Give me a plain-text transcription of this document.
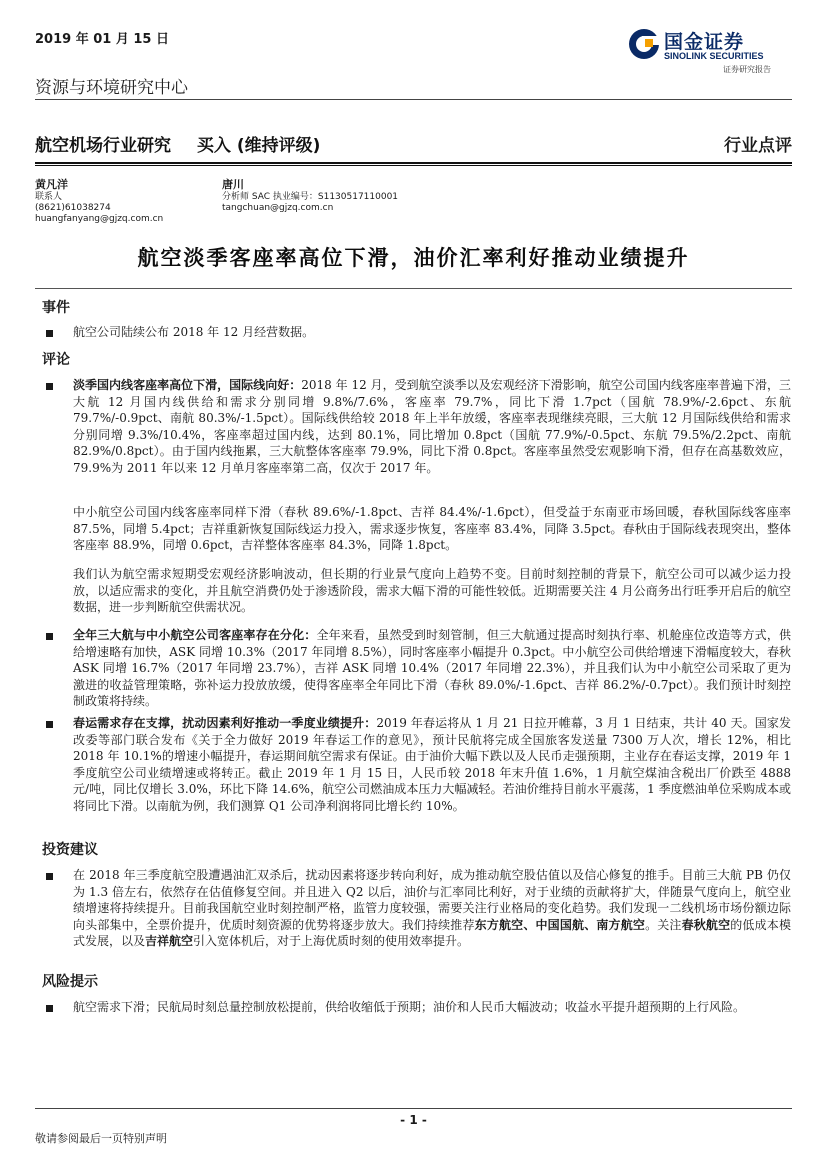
2019 年 01 月 15 日	国金证券
SINOLINK SECURITIES
证券研究报告
资源与环境研究中心
航空机场行业研究 买入 (维持评级)	行业点评
黄凡洋
联系人
(8621)61038274
huangfanyang@gjzq.com.cn
唐川
分析师 SAC 执业编号：S1130517110001
tangchuan@gjzq.com.cn
航空淡季客座率高位下滑，油价汇率利好推动业绩提升
事件
航空公司陆续公布 2018 年 12 月经营数据。
评论
淡季国内线客座率高位下滑，国际线向好：2018 年 12 月，受到航空淡季以及宏观经济下滑影响，航空公司国内线客座率普遍下滑，三大航 12 月国内线供给和需求分别同增 9.8%/7.6%，客座率 79.7%，同比下滑 1.7pct（国航 78.9%/-2.6pct、东航 79.7%/-0.9pct、南航 80.3%/-1.5pct）。国际线供给较 2018 年上半年放缓，客座率表现继续亮眼，三大航 12 月国际线供给和需求分别同增 9.3%/10.4%，客座率超过国内线，达到 80.1%，同比增加 0.8pct（国航 77.9%/-0.5pct、东航 79.5%/2.2pct、南航 82.9%/0.8pct）。由于国内线拖累，三大航整体客座率 79.9%，同比下滑 0.8pct。客座率虽然受宏观影响下滑，但存在高基数效应，79.9%为 2011 年以来 12 月单月客座率第二高，仅次于 2017 年。
中小航空公司国内线客座率同样下滑（春秋 89.6%/-1.8pct、吉祥 84.4%/-1.6pct），但受益于东南亚市场回暖，春秋国际线客座率 87.5%，同增 5.4pct；吉祥重新恢复国际线运力投入，需求逐步恢复，客座率 83.4%，同降 3.5pct。春秋由于国际线表现突出，整体客座率 88.9%，同增 0.6pct，吉祥整体客座率 84.3%，同降 1.8pct。
我们认为航空需求短期受宏观经济影响波动，但长期的行业景气度向上趋势不变。目前时刻控制的背景下，航空公司可以减少运力投放，以适应需求的变化，并且航空消费仍处于渗透阶段，需求大幅下滑的可能性较低。近期需要关注 4 月公商务出行旺季开启后的航空数据，进一步判断航空供需状况。
全年三大航与中小航空公司客座率存在分化：全年来看，虽然受到时刻管制，但三大航通过提高时刻执行率、机舱座位改造等方式，供给增速略有加快，ASK 同增 10.3%（2017 年同增 8.5%），同时客座率小幅提升 0.3pct。中小航空公司供给增速下滑幅度较大，春秋 ASK 同增 16.7%（2017 年同增 23.7%），吉祥 ASK 同增 10.4%（2017 年同增 22.3%），并且我们认为中小航空公司采取了更为激进的收益管理策略，弥补运力投放放缓，使得客座率全年同比下滑（春秋 89.0%/-1.6pct、吉祥 86.2%/-0.7pct）。我们预计时刻控制政策将持续。
春运需求存在支撑，扰动因素利好推动一季度业绩提升：2019 年春运将从 1 月 21 日拉开帷幕，3 月 1 日结束，共计 40 天。国家发改委等部门联合发布《关于全力做好 2019 年春运工作的意见》，预计民航将完成全国旅客发送量 7300 万人次，增长 12%，相比 2018 年 10.1%的增速小幅提升，春运期间航空需求有保证。由于油价大幅下跌以及人民币走强预期，主业存在春运支撑，2019 年 1 季度航空公司业绩增速或将转正。截止 2019 年 1 月 15 日，人民币较 2018 年末升值 1.6%，1 月航空煤油含税出厂价跌至 4888 元/吨，同比仅增长 3.0%，环比下降 14.6%，航空公司燃油成本压力大幅减轻。若油价维持目前水平震荡，1 季度燃油单位采购成本或将同比下滑。以南航为例，我们测算 Q1 公司净利润将同比增长约 10%。
投资建议
在 2018 年三季度航空股遭遇油汇双杀后，扰动因素将逐步转向利好，成为推动航空股估值以及信心修复的推手。目前三大航 PB 仍仅为 1.3 倍左右，依然存在估值修复空间。并且进入 Q2 以后，油价与汇率同比利好，对于业绩的贡献将扩大，伴随景气度向上，航空业绩增速将持续提升。目前我国航空业时刻控制严格，监管力度较强，需要关注行业格局的变化趋势。我们发现一二线机场市场份额边际向头部集中，全票价提升，优质时刻资源的优势将逐步放大。我们持续推荐东方航空、中国国航、南方航空。关注春秋航空的低成本模式发展，以及吉祥航空引入宽体机后，对于上海优质时刻的使用效率提升。
风险提示
航空需求下滑；民航局时刻总量控制放松提前，供给收缩低于预期；油价和人民币大幅波动；收益水平提升超预期的上行风险。
- 1 -
敬请参阅最后一页特别声明
